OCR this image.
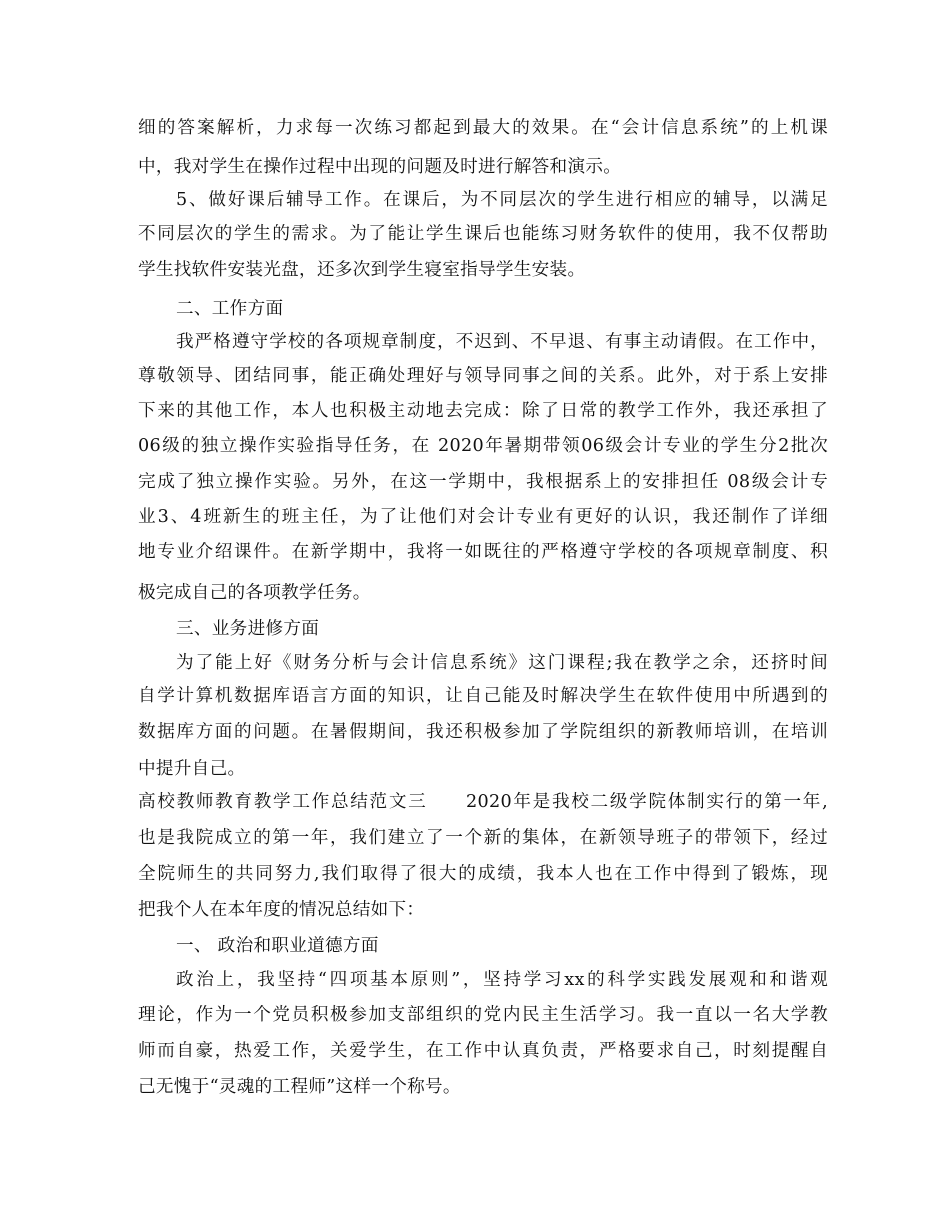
细的答案解析，力求每一次练习都起到最大的效果。在“会计信息系统”的上机课
中，我对学生在操作过程中出现的问题及时进行解答和演示。
5、做好课后辅导工作。在课后，为不同层次的学生进行相应的辅导，以满足
不同层次的学生的需求。为了能让学生课后也能练习财务软件的使用，我不仅帮助
学生找软件安装光盘，还多次到学生寝室指导学生安装。
二、工作方面
我严格遵守学校的各项规章制度，不迟到、不早退、有事主动请假。在工作中，
尊敬领导、团结同事，能正确处理好与领导同事之间的关系。此外，对于系上安排
下来的其他工作，本人也积极主动地去完成：除了日常的教学工作外，我还承担了
06级的独立操作实验指导任务，在 2020年暑期带领06级会计专业的学生分2批次
完成了独立操作实验。另外，在这一学期中，我根据系上的安排担任 08级会计专
业3、4班新生的班主任，为了让他们对会计专业有更好的认识，我还制作了详细
地专业介绍课件。在新学期中，我将一如既往的严格遵守学校的各项规章制度、积
极完成自己的各项教学任务。
三、业务进修方面
为了能上好《财务分析与会计信息系统》这门课程;我在教学之余，还挤时间
自学计算机数据库语言方面的知识，让自己能及时解决学生在软件使用中所遇到的
数据库方面的问题。在暑假期间，我还积极参加了学院组织的新教师培训，在培训
中提升自己。
高校教师教育教学工作总结范文三　　2020年是我校二级学院体制实行的第一年,
也是我院成立的第一年，我们建立了一个新的集体，在新领导班子的带领下，经过
全院师生的共同努力,我们取得了很大的成绩，我本人也在工作中得到了锻炼，现
把我个人在本年度的情况总结如下：
一、 政治和职业道德方面
政治上，我坚持“四项基本原则”，坚持学习xx的科学实践发展观和和谐观
理论，作为一个党员积极参加支部组织的党内民主生活学习。我一直以一名大学教
师而自豪，热爱工作，关爱学生，在工作中认真负责，严格要求自己，时刻提醒自
己无愧于“灵魂的工程师”这样一个称号。
